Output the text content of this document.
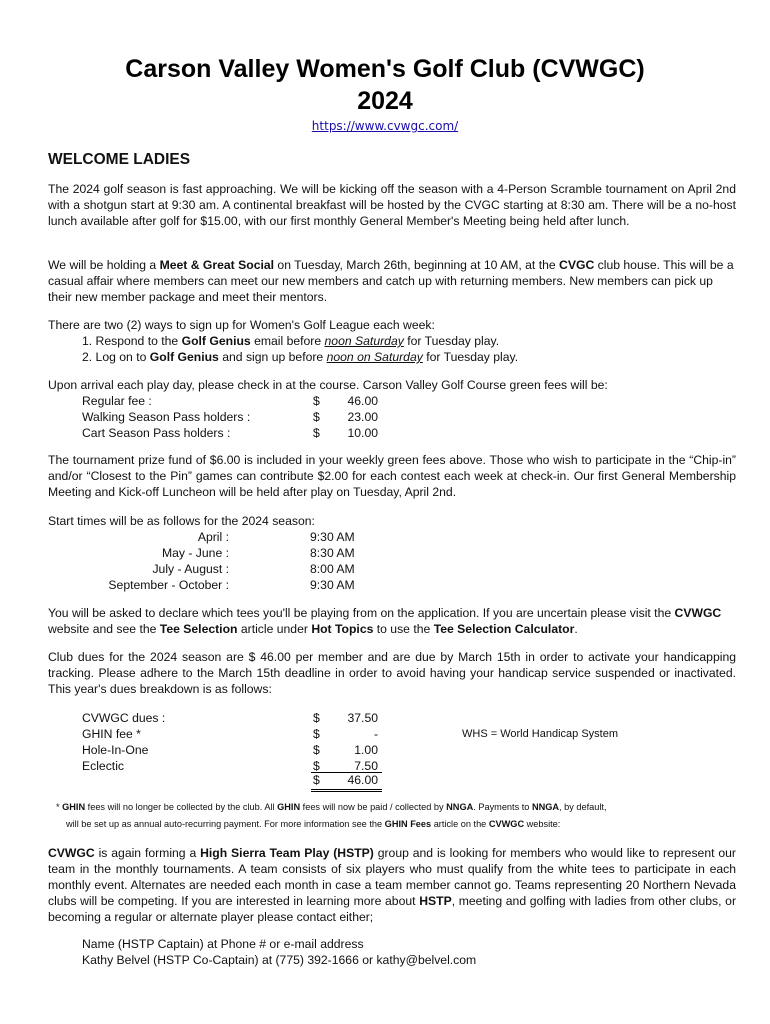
Carson Valley Women's Golf Club (CVWGC)
2024
https://www.cvwgc.com/
WELCOME LADIES
The 2024 golf season is fast approaching. We will be kicking off the season with a 4-Person Scramble tournament on April 2nd with a shotgun start at 9:30 am. A continental breakfast will be hosted by the CVGC starting at 8:30 am. There will be a no-host lunch available after golf for $15.00, with our first monthly General Member's Meeting being held after lunch.
We will be holding a Meet & Great Social on Tuesday, March 26th, beginning at 10 AM, at the CVGC club house. This will be a casual affair where members can meet our new members and catch up with returning members. New members can pick up their new member package and meet their mentors.
There are two (2) ways to sign up for Women's Golf League each week:
1. Respond to the Golf Genius email before noon Saturday for Tuesday play.
2. Log on to Golf Genius and sign up before noon on Saturday for Tuesday play.
Upon arrival each play day, please check in at the course. Carson Valley Golf Course green fees will be:
Regular fee :	$	46.00
Walking Season Pass holders :	$	23.00
Cart Season Pass holders :	$	10.00
The tournament prize fund of $6.00 is included in your weekly green fees above. Those who wish to participate in the “Chip-in” and/or “Closest to the Pin” games can contribute $2.00 for each contest each week at check-in. Our first General Membership Meeting and Kick-off Luncheon will be held after play on Tuesday, April 2nd.
Start times will be as follows for the 2024 season:
April :	9:30 AM
May - June :	8:30 AM
July - August :	8:00 AM
September - October :	9:30 AM
You will be asked to declare which tees you'll be playing from on the application. If you are uncertain please visit the CVWGC website and see the Tee Selection article under Hot Topics to use the Tee Selection Calculator.
Club dues for the 2024 season are $ 46.00 per member and are due by March 15th in order to activate your handicapping tracking. Please adhere to the March 15th deadline in order to avoid having your handicap service suspended or inactivated. This year's dues breakdown is as follows:
CVWGC dues :	$	37.50
GHIN fee *	$	-
Hole-In-One	$	1.00
Eclectic	$	7.50
$	46.00
WHS = World Handicap System
* GHIN fees will no longer be collected by the club. All GHIN fees will now be paid / collected by NNGA. Payments to NNGA, by default,
will be set up as annual auto-recurring payment. For more information see the GHIN Fees article on the CVWGC website:
CVWGC is again forming a High Sierra Team Play (HSTP) group and is looking for members who would like to represent our team in the monthly tournaments. A team consists of six players who must qualify from the white tees to participate in each monthly event. Alternates are needed each month in case a team member cannot go. Teams representing 20 Northern Nevada clubs will be competing. If you are interested in learning more about HSTP, meeting and golfing with ladies from other clubs, or becoming a regular or alternate player please contact either;
Name (HSTP Captain) at Phone # or e-mail address
Kathy Belvel (HSTP Co-Captain) at (775) 392-1666 or kathy@belvel.com
